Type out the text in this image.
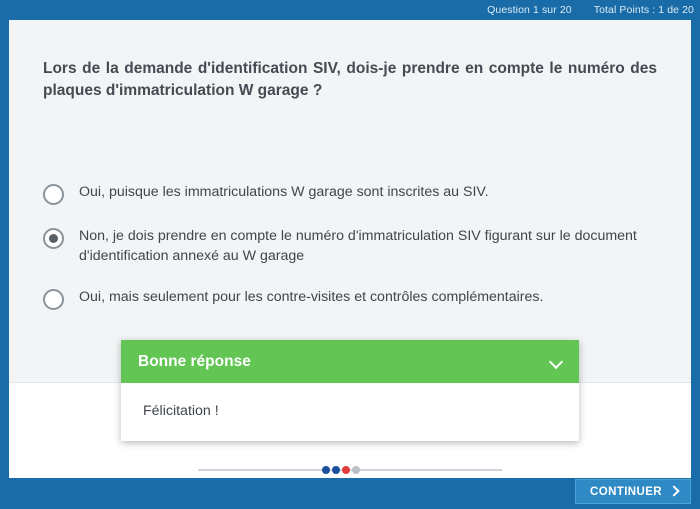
Question 1 sur 20 Total Points : 1 de 20
Lors de la demande d'identification SIV, dois-je prendre en compte le numéro des plaques d'immatriculation W garage ?
Oui, puisque les immatriculations W garage sont inscrites au SIV.
Non, je dois prendre en compte le numéro d'immatriculation SIV figurant sur le document d'identification annexé au W garage
Oui, mais seulement pour les contre-visites et contrôles complémentaires.
Bonne réponse
Félicitation !
CONTINUER
